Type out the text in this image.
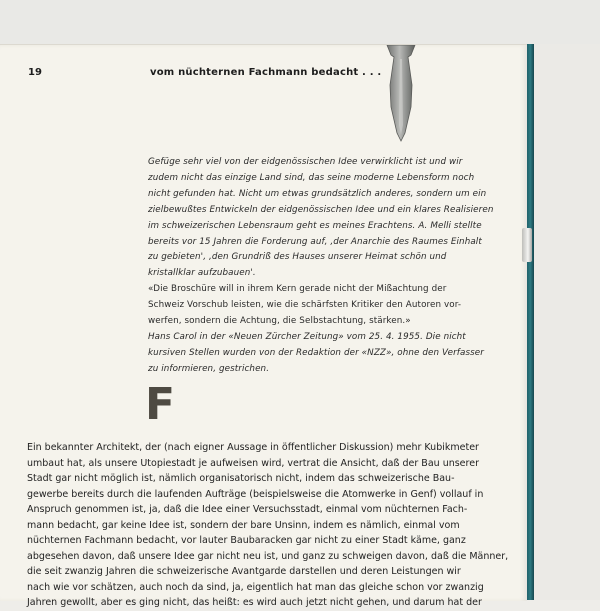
19	vom nüchternen Fachmann bedacht . . .
Gefüge sehr viel von der eidgenössischen Idee verwirklicht ist und wir
zudem nicht das einzige Land sind, das seine moderne Lebensform noch
nicht gefunden hat. Nicht um etwas grundsätzlich anderes, sondern um ein
zielbewußtes Entwickeln der eidgenössischen Idee und ein klares Realisieren
im schweizerischen Lebensraum geht es meines Erachtens. A. Melli stellte
bereits vor 15 Jahren die Forderung auf, ‚der Anarchie des Raumes Einhalt
zu gebieten', ‚den Grundriß des Hauses unserer Heimat schön und
kristallklar aufzubauen'.
«Die Broschüre will in ihrem Kern gerade nicht der Mißachtung der
Schweiz Vorschub leisten, wie die schärfsten Kritiker den Autoren vor-
werfen, sondern die Achtung, die Selbstachtung, stärken.»
Hans Carol in der «Neuen Zürcher Zeitung» vom 25. 4. 1955. Die nicht
kursiven Stellen wurden von der Redaktion der «NZZ», ohne den Verfasser
zu informieren, gestrichen.
F
Ein bekannter Architekt, der (nach eigner Aussage in öffentlicher Diskussion) mehr Kubikmeter
umbaut hat, als unsere Utopiestadt je aufweisen wird, vertrat die Ansicht, daß der Bau unserer
Stadt gar nicht möglich ist, nämlich organisatorisch nicht, indem das schweizerische Bau-
gewerbe bereits durch die laufenden Aufträge (beispielsweise die Atomwerke in Genf) vollauf in
Anspruch genommen ist, ja, daß die Idee einer Versuchsstadt, einmal vom nüchternen Fach-
mann bedacht, gar keine Idee ist, sondern der bare Unsinn, indem es nämlich, einmal vom
nüchternen Fachmann bedacht, vor lauter Baubaracken gar nicht zu einer Stadt käme, ganz
abgesehen davon, daß unsere Idee gar nicht neu ist, und ganz zu schweigen davon, daß die Männer,
die seit zwanzig Jahren die schweizerische Avantgarde darstellen und deren Leistungen wir
nach wie vor schätzen, auch noch da sind, ja, eigentlich hat man das gleiche schon vor zwanzig
Jahren gewollt, aber es ging nicht, das heißt: es wird auch jetzt nicht gehen, und darum hat der
